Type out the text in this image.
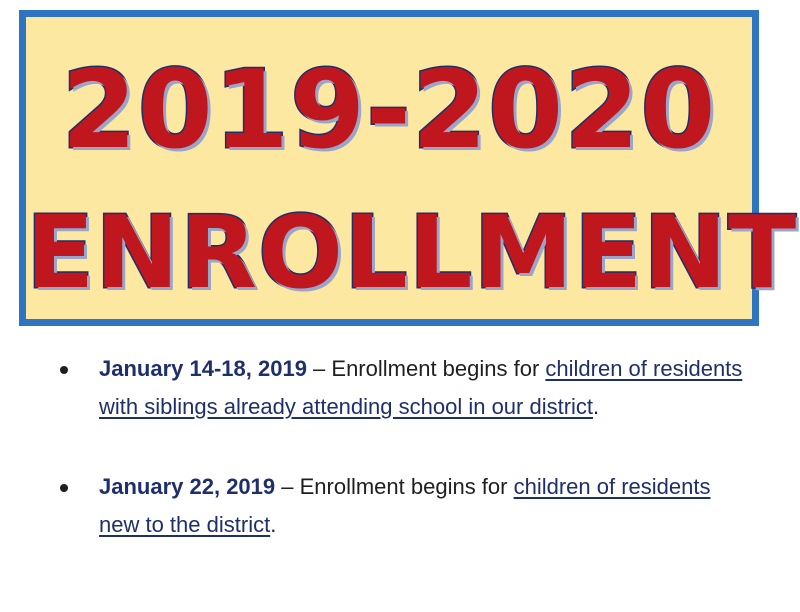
2019-2020
ENROLLMENT
January 14-18, 2019 – Enrollment begins for children of residents with siblings already attending school in our district.
January 22, 2019 – Enrollment begins for children of residents new to the district.
